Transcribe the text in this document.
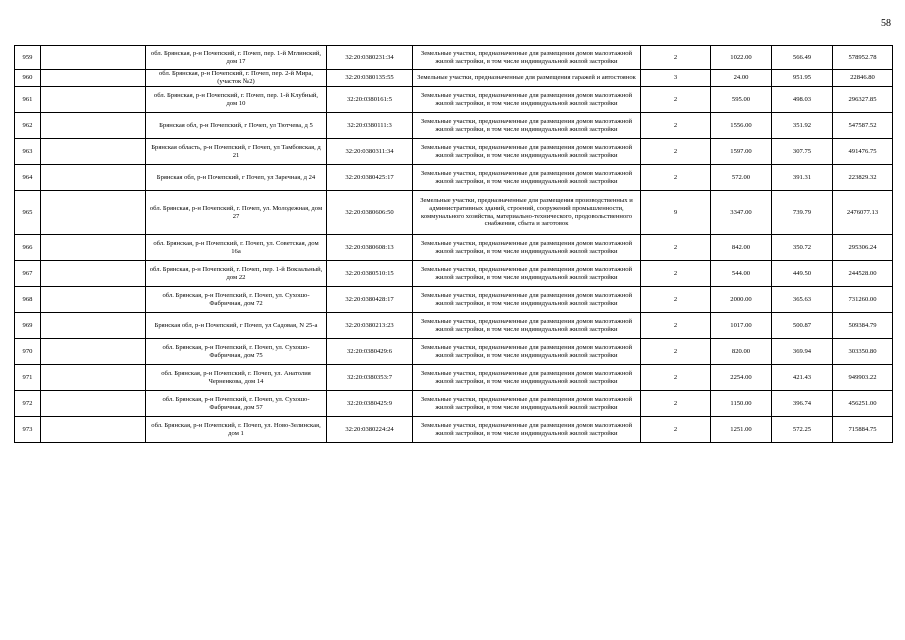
58
959		обл. Брянская, р-н Почепский, г. Почеп, пер. 1-й Мглинский, дом 17	32:20:0380231:34	Земельные участки, предназначенные для размещения домов малоэтажной жилой застройки, в том числе индивидуальной жилой застройки	2	1022.00	566.49	578952.78
960		обл. Брянская, р-н Почепский, г. Почеп, пер. 2-й Мира, (участок №2)	32:20:0380135:55	Земельные участки, предназначенные для размещения гаражей и автостоянок	3	24.00	951.95	22846.80
961		обл. Брянская, р-н Почепский, г. Почеп, пер. 1-й Клубный, дом 10	32:20:0380161:5	Земельные участки, предназначенные для размещения домов малоэтажной жилой застройки, в том числе индивидуальной жилой застройки	2	595.00	498.03	296327.85
962		Брянская обл, р-н Почепский, г Почеп, ул Тютчева, д 5	32:20:0380111:3	Земельные участки, предназначенные для размещения домов малоэтажной жилой застройки, в том числе индивидуальной жилой застройки	2	1556.00	351.92	547587.52
963		Брянская область, р-н Почепский, г Почеп, ул Тамбовская, д 21	32:20:0380311:34	Земельные участки, предназначенные для размещения домов малоэтажной жилой застройки, в том числе индивидуальной жилой застройки	2	1597.00	307.75	491476.75
964		Брянская обл, р-н Почепский, г Почеп, ул Заречная, д 24	32:20:0380425:17	Земельные участки, предназначенные для размещения домов малоэтажной жилой застройки, в том числе индивидуальной жилой застройки	2	572.00	391.31	223829.32
965		обл. Брянская, р-н Почепский, г. Почеп, ул. Молодежная, дом 27	32:20:0380606:50	Земельные участки, предназначенные для размещения производственных и административных зданий, строений, сооружений промышленности, коммунального хозяйства, материально-технического, продовольственного снабжения, сбыта и заготовок	9	3347.00	739.79	2476077.13
966		обл. Брянская, р-н Почепский, г. Почеп, ул. Советская, дом 16а	32:20:0380608:13	Земельные участки, предназначенные для размещения домов малоэтажной жилой застройки, в том числе индивидуальной жилой застройки	2	842.00	350.72	295306.24
967		обл. Брянская, р-н Почепский, г. Почеп, пер. 1-й Вокзальный, дом 22	32:20:0380510:15	Земельные участки, предназначенные для размещения домов малоэтажной жилой застройки, в том числе индивидуальной жилой застройки	2	544.00	449.50	244528.00
968		обл. Брянская, р-н Почепский, г. Почеп, ул. Сухошо-Фабричная, дом 72	32:20:0380428:17	Земельные участки, предназначенные для размещения домов малоэтажной жилой застройки, в том числе индивидуальной жилой застройки	2	2000.00	365.63	731260.00
969		Брянская обл, р-н Почепский, г Почеп, ул Садовая, N 25-а	32:20:0380213:23	Земельные участки, предназначенные для размещения домов малоэтажной жилой застройки, в том числе индивидуальной жилой застройки	2	1017.00	500.87	509384.79
970		обл. Брянская, р-н Почепский, г. Почеп, ул. Сухошо-Фабричная, дом 75	32:20:0380429:6	Земельные участки, предназначенные для размещения домов малоэтажной жилой застройки, в том числе индивидуальной жилой застройки	2	820.00	369.94	303350.80
971		обл. Брянская, р-н Почепский, г. Почеп, ул. Анатолия Черненкова, дом 14	32:20:0380353:7	Земельные участки, предназначенные для размещения домов малоэтажной жилой застройки, в том числе индивидуальной жилой застройки	2	2254.00	421.43	949903.22
972		обл. Брянская, р-н Почепский, г. Почеп, ул. Сухошо-Фабричная, дом 57	32:20:0380425:9	Земельные участки, предназначенные для размещения домов малоэтажной жилой застройки, в том числе индивидуальной жилой застройки	2	1150.00	396.74	456251.00
973		обл. Брянская, р-н Почепский, г. Почеп, ул. Ново-Зелинская, дом 1	32:20:0380224:24	Земельные участки, предназначенные для размещения домов малоэтажной жилой застройки, в том числе индивидуальной жилой застройки	2	1251.00	572.25	715884.75
